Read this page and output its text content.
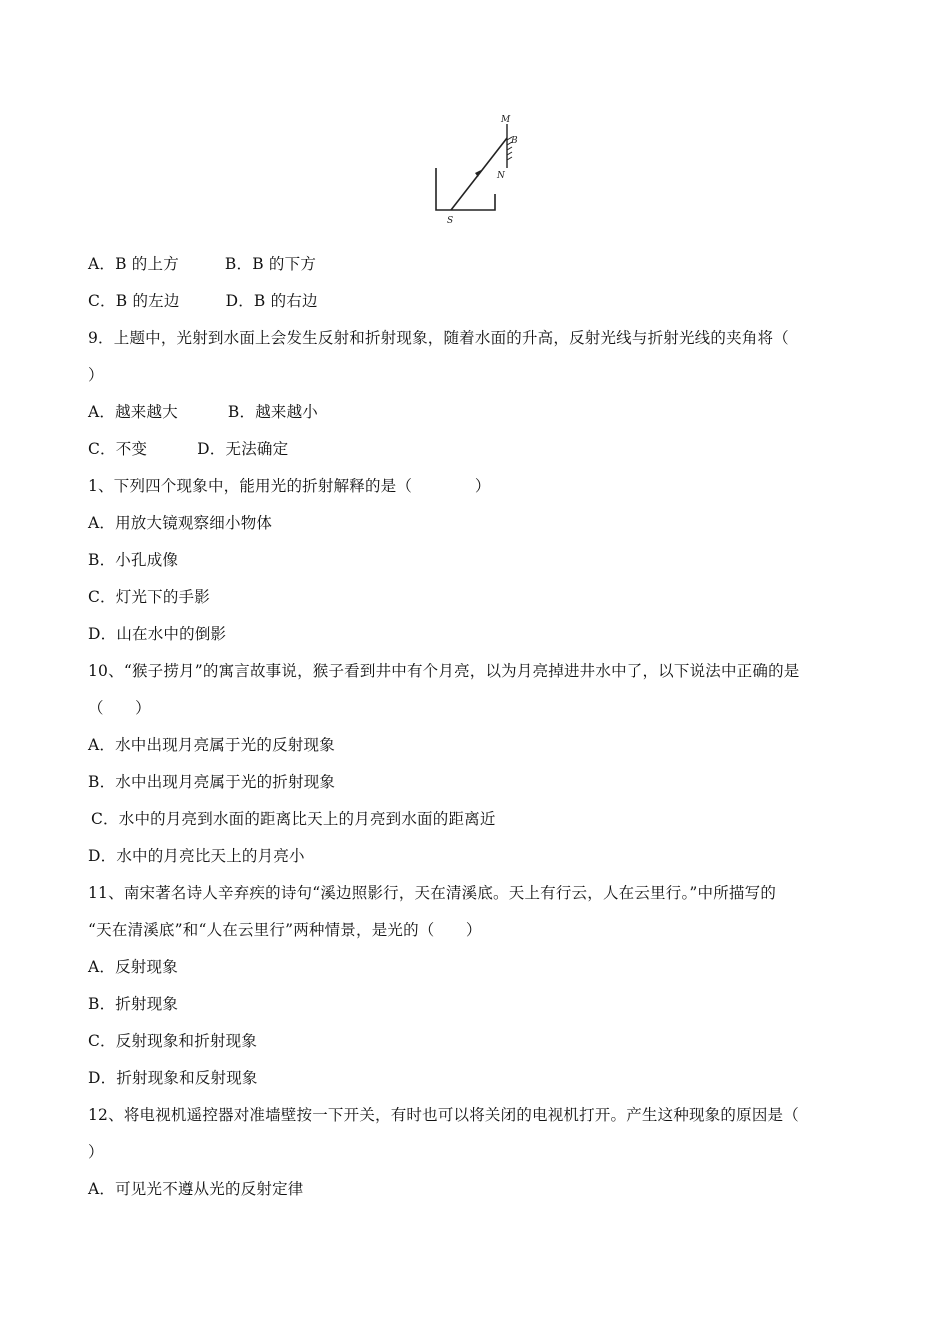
M
B
N
S
A．B 的上方	B．B 的下方
C．B 的左边	D．B 的右边
9．上题中，光射到水面上会发生反射和折射现象，随着水面的升高，反射光线与折射光线的夹角将（
）
A．越来越大	B．越来越小
C．不变	D．无法确定
1、下列四个现象中，能用光的折射解释的是（　　　　）
A．用放大镜观察细小物体
B．小孔成像
C．灯光下的手影
D．山在水中的倒影
10、“猴子捞月”的寓言故事说，猴子看到井中有个月亮，以为月亮掉进井水中了，以下说法中正确的是
（　　）
A．水中出现月亮属于光的反射现象
B．水中出现月亮属于光的折射现象
C．水中的月亮到水面的距离比天上的月亮到水面的距离近
D．水中的月亮比天上的月亮小
11、南宋著名诗人辛弃疾的诗句“溪边照影行，天在清溪底。天上有行云，人在云里行。”中所描写的
“天在清溪底”和“人在云里行”两种情景，是光的（　　）
A．反射现象
B．折射现象
C．反射现象和折射现象
D．折射现象和反射现象
12、将电视机遥控器对准墙壁按一下开关，有时也可以将关闭的电视机打开。产生这种现象的原因是（
）
A．可见光不遵从光的反射定律
